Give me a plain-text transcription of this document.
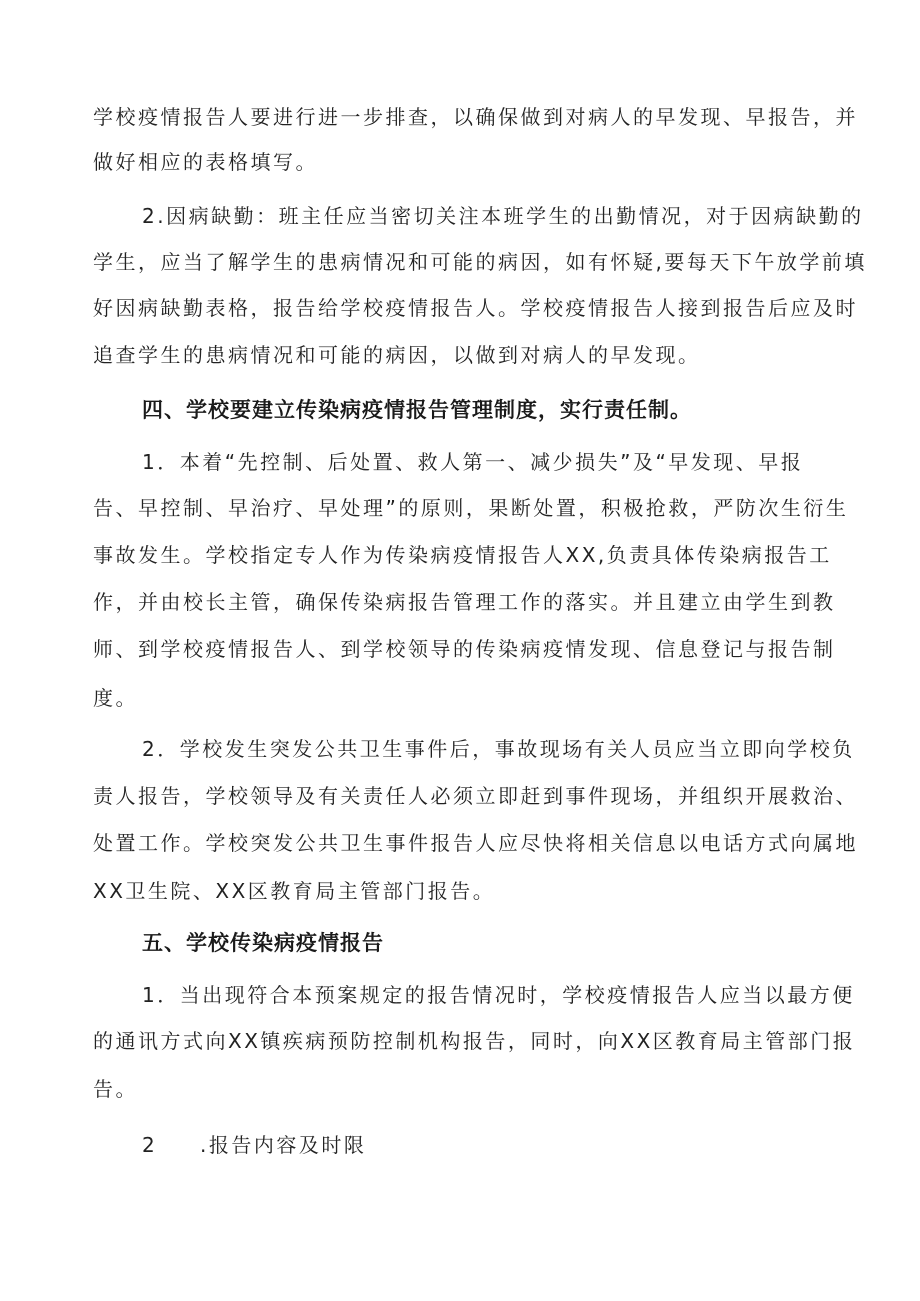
学校疫情报告人要进行进一步排查，以确保做到对病人的早发现、早报告，并
做好相应的表格填写。
2.因病缺勤：班主任应当密切关注本班学生的出勤情况，对于因病缺勤的
学生，应当了解学生的患病情况和可能的病因，如有怀疑,要每天下午放学前填
好因病缺勤表格，报告给学校疫情报告人。学校疫情报告人接到报告后应及时
追查学生的患病情况和可能的病因，以做到对病人的早发现。
四、学校要建立传染病疫情报告管理制度，实行责任制。
1．本着“先控制、后处置、救人第一、减少损失”及“早发现、早报
告、早控制、早治疗、早处理”的原则，果断处置，积极抢救，严防次生衍生
事故发生。学校指定专人作为传染病疫情报告人XX,负责具体传染病报告工
作，并由校长主管，确保传染病报告管理工作的落实。并且建立由学生到教
师、到学校疫情报告人、到学校领导的传染病疫情发现、信息登记与报告制
度。
2．学校发生突发公共卫生事件后，事故现场有关人员应当立即向学校负
责人报告，学校领导及有关责任人必须立即赶到事件现场，并组织开展救治、
处置工作。学校突发公共卫生事件报告人应尽快将相关信息以电话方式向属地
XX卫生院、XX区教育局主管部门报告。
五、学校传染病疫情报告
1．当出现符合本预案规定的报告情况时，学校疫情报告人应当以最方便
的通讯方式向XX镇疾病预防控制机构报告，同时，向XX区教育局主管部门报
告。
2 .报告内容及时限
